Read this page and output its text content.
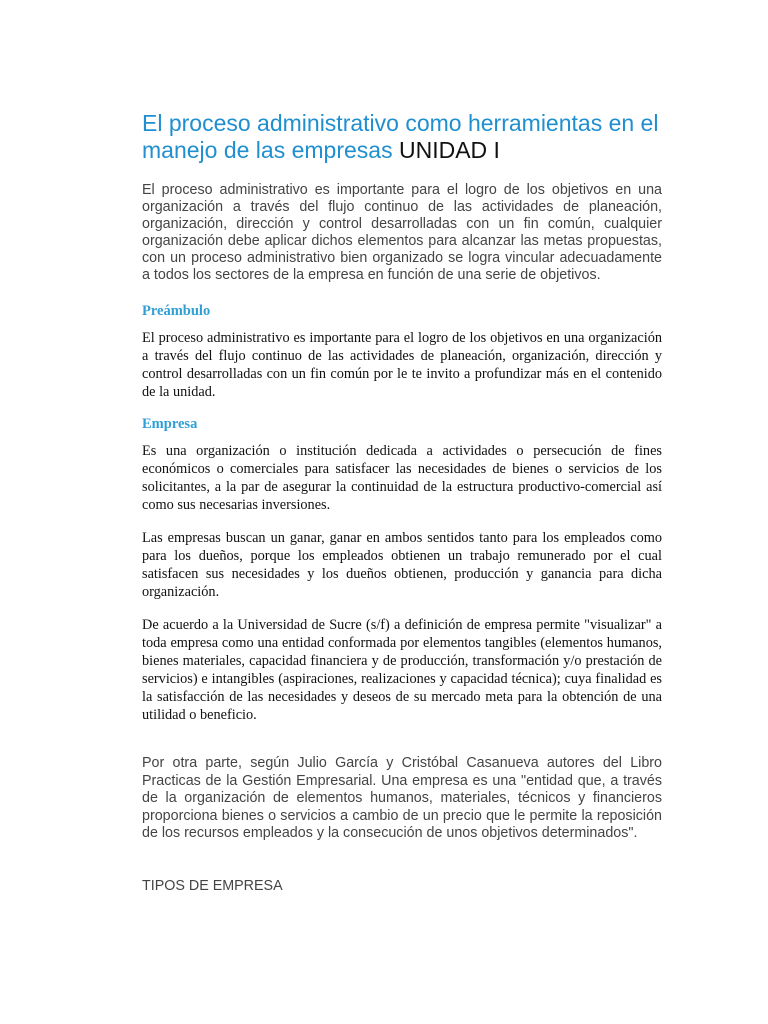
El proceso administrativo como herramientas en el manejo de las empresas UNIDAD I

El proceso administrativo es importante para el logro de los objetivos en una organización a través del flujo continuo de las actividades de planeación, organización, dirección y control desarrolladas con un fin común, cualquier organización debe aplicar dichos elementos para alcanzar las metas propuestas, con un proceso administrativo bien organizado se logra vincular adecuadamente a todos los sectores de la empresa en función de una serie de objetivos.

Preámbulo

El proceso administrativo es importante para el logro de los objetivos en una organización a través del flujo continuo de las actividades de planeación, organización, dirección y control desarrolladas con un fin común por le te invito a profundizar más en el contenido de la unidad.

Empresa

Es una organización o institución dedicada a actividades o persecución de fines económicos o comerciales para satisfacer las necesidades de bienes o servicios de los solicitantes, a la par de asegurar la continuidad de la estructura productivo-comercial así como sus necesarias inversiones.

Las empresas buscan un ganar, ganar en ambos sentidos tanto para los empleados como para los dueños, porque los empleados obtienen un trabajo remunerado por el cual satisfacen sus necesidades y los dueños obtienen, producción y ganancia para dicha organización.

De acuerdo a la Universidad de Sucre (s/f) a definición de empresa permite "visualizar" a toda empresa como una entidad conformada por elementos tangibles (elementos humanos, bienes materiales, capacidad financiera y de producción, transformación y/o prestación de servicios) e intangibles (aspiraciones, realizaciones y capacidad técnica); cuya finalidad es la satisfacción de las necesidades y deseos de su mercado meta para la obtención de una utilidad o beneficio.

Por otra parte, según Julio García y Cristóbal Casanueva autores del Libro Practicas de la Gestión Empresarial. Una empresa es una "entidad que, a través de la organización de elementos humanos, materiales, técnicos y financieros proporciona bienes o servicios a cambio de un precio que le permite la reposición de los recursos empleados y la consecución de unos objetivos determinados".

TIPOS DE EMPRESA
